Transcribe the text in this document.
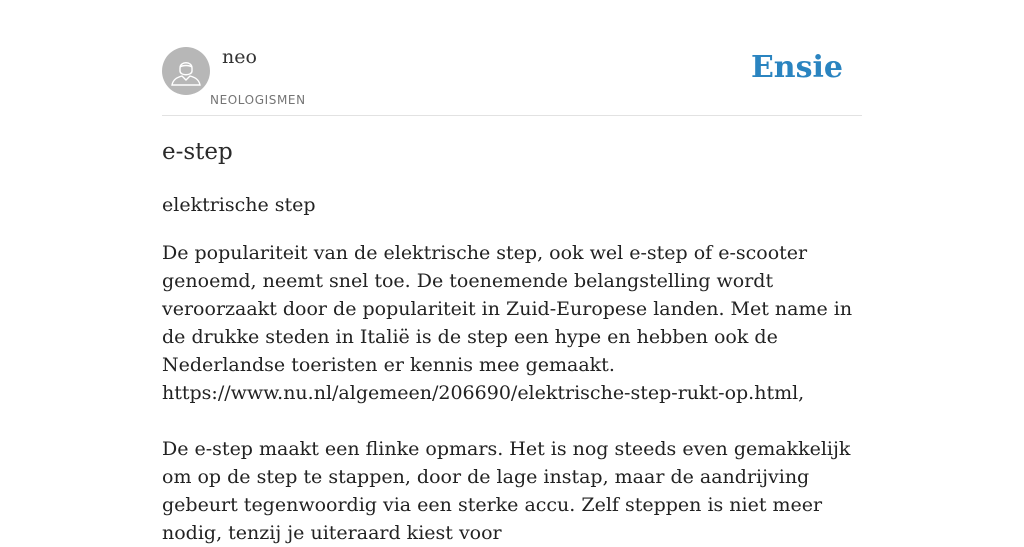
neo
NEOLOGISMEN
Ensie
e-step
elektrische step

De populariteit van de elektrische step, ook wel e-step of e-scooter genoemd, neemt snel toe. De toenemende belangstelling wordt veroorzaakt door de populariteit in Zuid-Europese landen. Met name in de drukke steden in Italië is de step een hype en hebben ook de Nederlandse toeristen er kennis mee gemaakt.

https://www.nu.nl/algemeen/206690/elektrische-step-rukt-op.html,

De e-step maakt een flinke opmars. Het is nog steeds even gemakkelijk om op de step te stappen, door de lage instap, maar de aandrijving gebeurt tegenwoordig via een sterke accu. Zelf steppen is niet meer nodig, tenzij je uiteraard kiest voor
